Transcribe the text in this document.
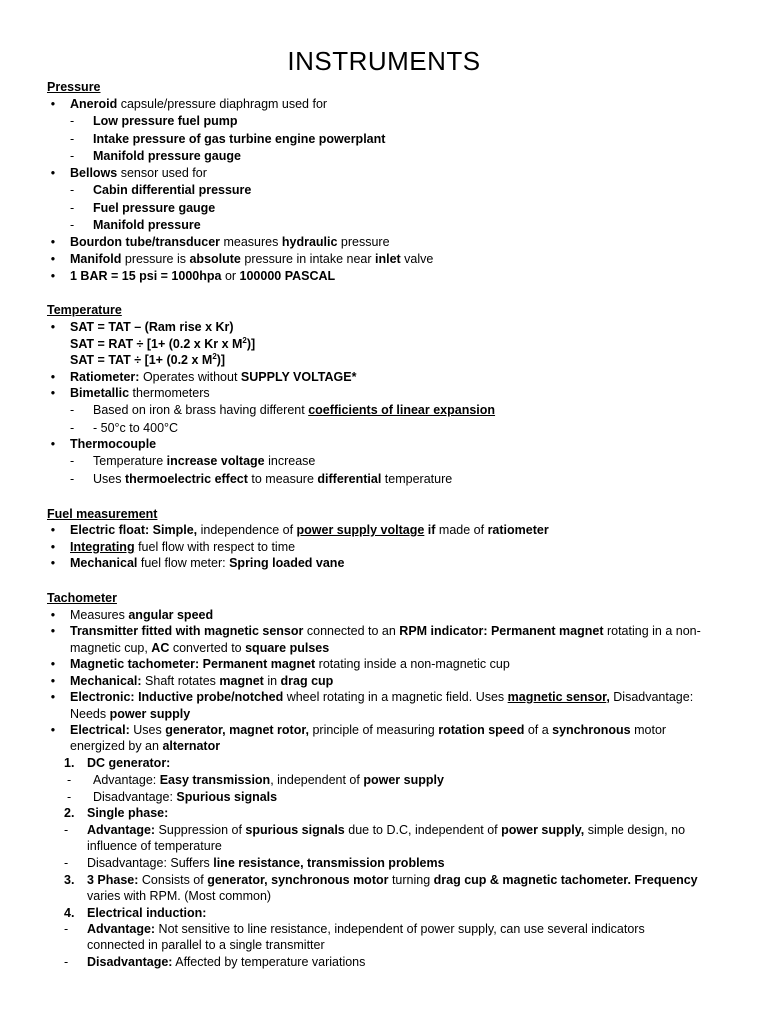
INSTRUMENTS
Pressure
•	Aneroid capsule/pressure diaphragm used for
- Low pressure fuel pump
- Intake pressure of gas turbine engine powerplant
- Manifold pressure gauge
•	Bellows sensor used for
- Cabin differential pressure
- Fuel pressure gauge
- Manifold pressure
•	Bourdon tube/transducer measures hydraulic pressure
•	Manifold pressure is absolute pressure in intake near inlet valve
•	1 BAR = 15 psi = 1000hpa or 100000 PASCAL
Temperature
•	SAT = TAT – (Ram rise x Kr)
SAT = RAT ÷ [1+ (0.2 x Kr x $M^2$)]
SAT = TAT ÷ [1+ (0.2 x $M^2$)]
•	Ratiometer: Operates without SUPPLY VOLTAGE*
•	Bimetallic thermometers
- Based on iron & brass having different coefficients of linear expansion
- - 50°c to 400°C
•	Thermocouple
- Temperature increase voltage increase
- Uses thermoelectric effect to measure differential temperature
Fuel measurement
•	Electric float: Simple, independence of power supply voltage if made of ratiometer
•	Integrating fuel flow with respect to time
•	Mechanical fuel flow meter: Spring loaded vane
Tachometer
•	Measures angular speed
•	Transmitter fitted with magnetic sensor connected to an RPM indicator: Permanent magnet rotating in a non-
magnetic cup, AC converted to square pulses
•	Magnetic tachometer: Permanent magnet rotating inside a non-magnetic cup
•	Mechanical: Shaft rotates magnet in drag cup
•	Electronic: Inductive probe/notched wheel rotating in a magnetic field. Uses magnetic sensor, Disadvantage:
Needs power supply
•	Electrical: Uses generator, magnet rotor, principle of measuring rotation speed of a synchronous motor
energized by an alternator
1. DC generator:
- Advantage: Easy transmission, independent of power supply
- Disadvantage: Spurious signals
2. Single phase:
- Advantage: Suppression of spurious signals due to D.C, independent of power supply, simple design, no
influence of temperature
- Disadvantage: Suffers line resistance, transmission problems
3. 3 Phase: Consists of generator, synchronous motor turning drag cup & magnetic tachometer. Frequency
varies with RPM. (Most common)
4. Electrical induction:
- Advantage: Not sensitive to line resistance, independent of power supply, can use several indicators
connected in parallel to a single transmitter
- Disadvantage: Affected by temperature variations
